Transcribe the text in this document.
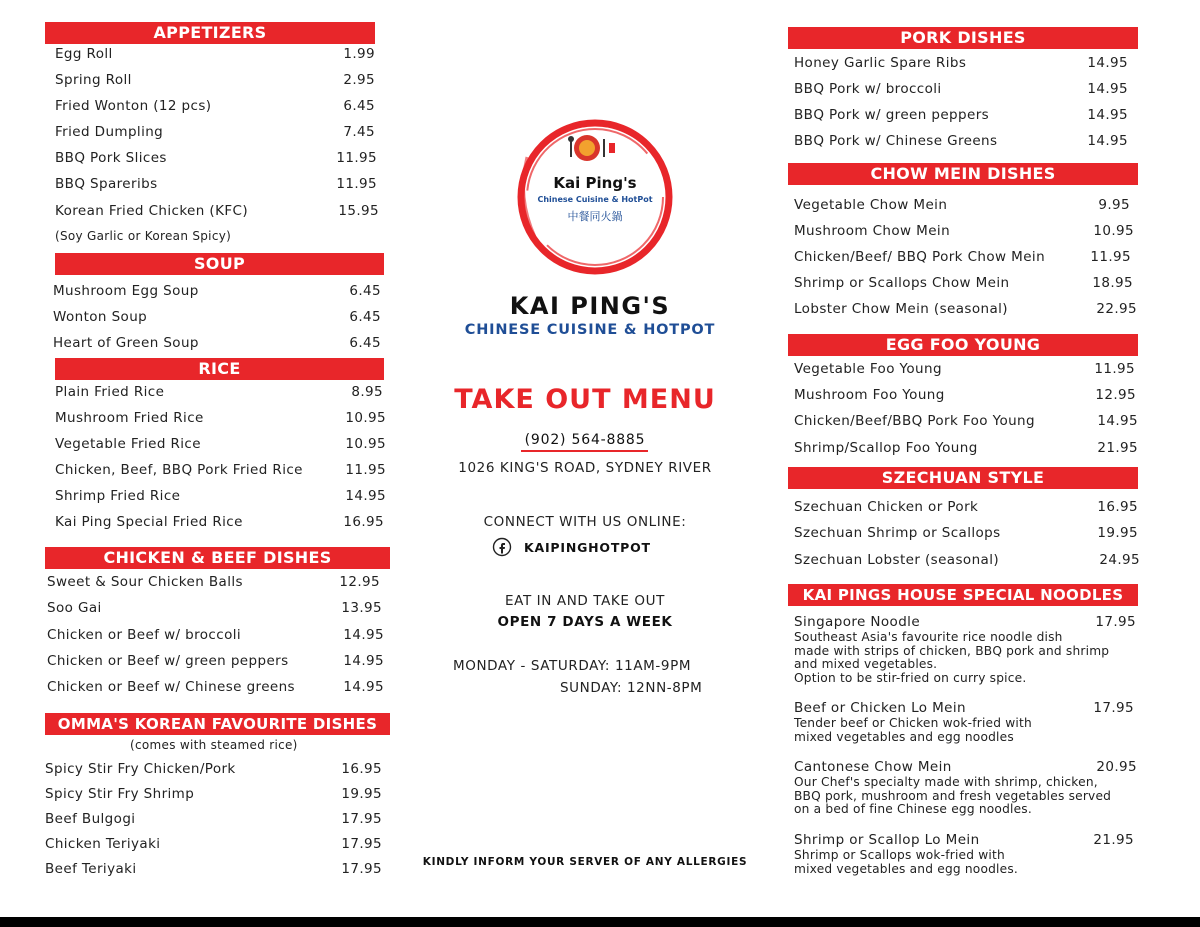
APPETIZERS
Egg Roll	1.99
Spring Roll	2.95
Fried Wonton (12 pcs)	6.45
Fried Dumpling	7.45
BBQ Pork Slices	11.95
BBQ Spareribs	11.95
Korean Fried Chicken (KFC)	15.95
(Soy Garlic or Korean Spicy)
SOUP
Mushroom Egg Soup	6.45
Wonton Soup	6.45
Heart of Green Soup	6.45
RICE
Plain Fried Rice	8.95
Mushroom Fried Rice	10.95
Vegetable Fried Rice	10.95
Chicken, Beef, BBQ Pork Fried Rice	11.95
Shrimp Fried Rice	14.95
Kai Ping Special Fried Rice	16.95
CHICKEN & BEEF DISHES
Sweet & Sour Chicken Balls	12.95
Soo Gai	13.95
Chicken or Beef w/ broccoli	14.95
Chicken or Beef w/ green peppers	14.95
Chicken or Beef w/ Chinese greens	14.95
OMMA'S KOREAN FAVOURITE DISHES
(comes with steamed rice)
Spicy Stir Fry Chicken/Pork	16.95
Spicy Stir Fry Shrimp	19.95
Beef Bulgogi	17.95
Chicken Teriyaki	17.95
Beef Teriyaki	17.95
Kai Ping's
Chinese Cuisine & HotPot
中餐同火鍋
KAI PING'S
CHINESE CUISINE & HOTPOT
TAKE OUT MENU
(902) 564-8885
1026 KING'S ROAD, SYDNEY RIVER
CONNECT WITH US ONLINE:
KAIPINGHOTPOT
EAT IN AND TAKE OUT
OPEN 7 DAYS A WEEK
MONDAY - SATURDAY: 11AM-9PM
SUNDAY: 12NN-8PM
KINDLY INFORM YOUR SERVER OF ANY ALLERGIES
PORK DISHES
Honey Garlic Spare Ribs	14.95
BBQ Pork w/ broccoli	14.95
BBQ Pork w/ green peppers	14.95
BBQ Pork w/ Chinese Greens	14.95
CHOW MEIN DISHES
Vegetable Chow Mein	9.95
Mushroom Chow Mein	10.95
Chicken/Beef/ BBQ Pork Chow Mein	11.95
Shrimp or Scallops Chow Mein	18.95
Lobster Chow Mein (seasonal)	22.95
EGG FOO YOUNG
Vegetable Foo Young	11.95
Mushroom Foo Young	12.95
Chicken/Beef/BBQ Pork Foo Young	14.95
Shrimp/Scallop Foo Young	21.95
SZECHUAN STYLE
Szechuan Chicken or Pork	16.95
Szechuan Shrimp or Scallops	19.95
Szechuan Lobster (seasonal)	24.95
KAI PINGS HOUSE SPECIAL NOODLES
Singapore Noodle	17.95
Southeast Asia's favourite rice noodle dish
made with strips of chicken, BBQ pork and shrimp
and mixed vegetables.
Option to be stir-fried on curry spice.
Beef or Chicken Lo Mein	17.95
Tender beef or Chicken wok-fried with
mixed vegetables and egg noodles
Cantonese Chow Mein	20.95
Our Chef's specialty made with shrimp, chicken,
BBQ pork, mushroom and fresh vegetables served
on a bed of fine Chinese egg noodles.
Shrimp or Scallop Lo Mein	21.95
Shrimp or Scallops wok-fried with
mixed vegetables and egg noodles.
